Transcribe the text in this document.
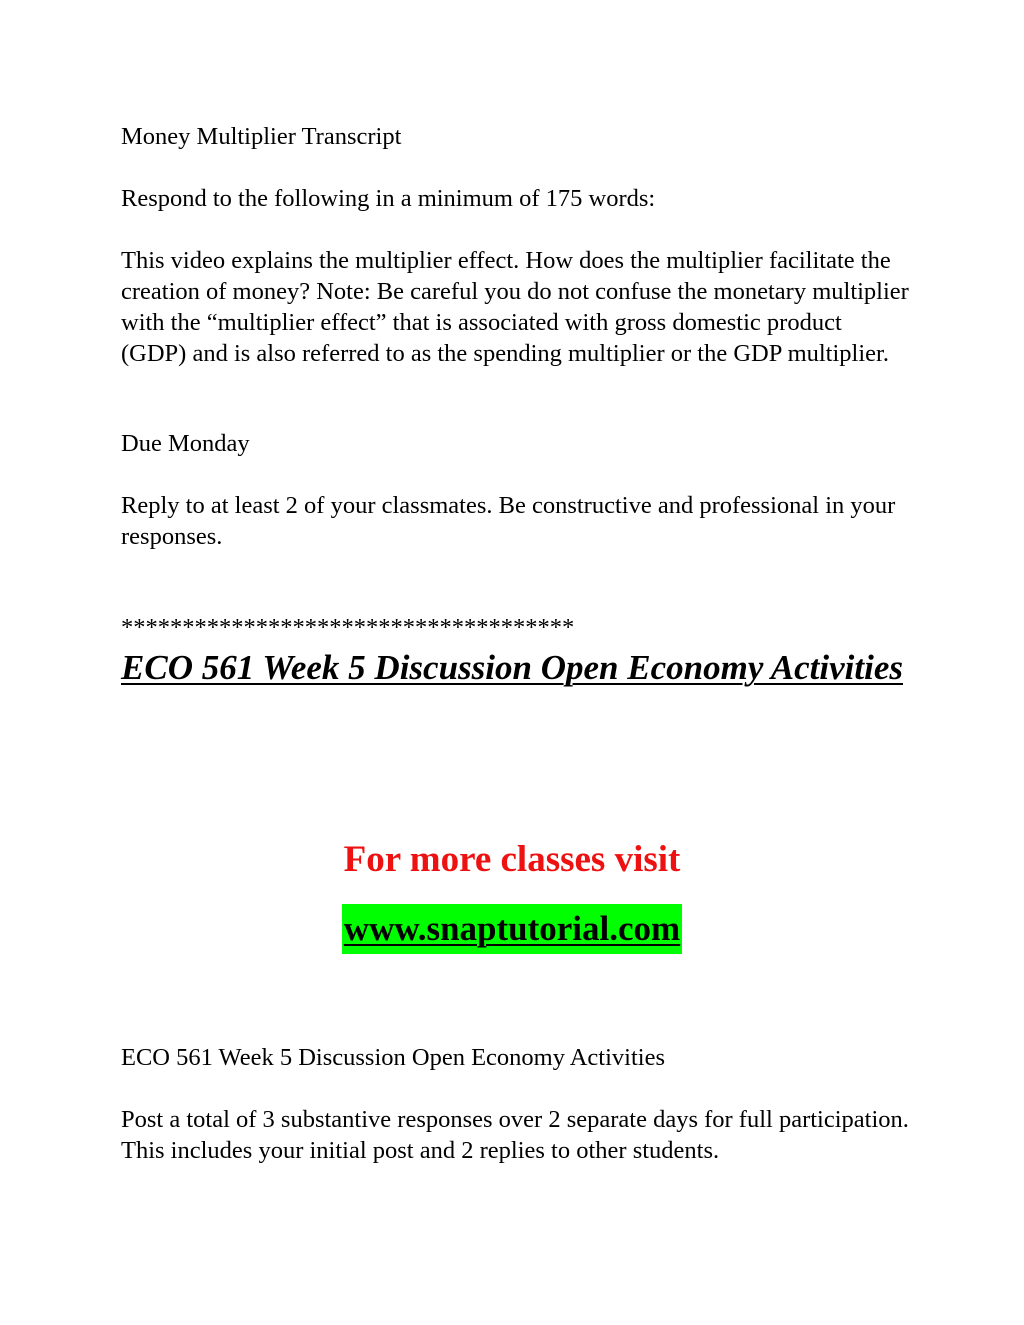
Money Multiplier Transcript

Respond to the following in a minimum of 175 words:

This video explains the multiplier effect. How does the multiplier facilitate the creation of money? Note: Be careful you do not confuse the monetary multiplier with the “multiplier effect” that is associated with gross domestic product (GDP) and is also referred to as the spending multiplier or the GDP multiplier.

Due Monday

Reply to at least 2 of your classmates. Be constructive and professional in your responses.

*************************************

ECO 561 Week 5 Discussion Open Economy Activities
For more classes visit
www.snaptutorial.com

ECO 561 Week 5 Discussion Open Economy Activities

Post a total of 3 substantive responses over 2 separate days for full participation. This includes your initial post and 2 replies to other students.
